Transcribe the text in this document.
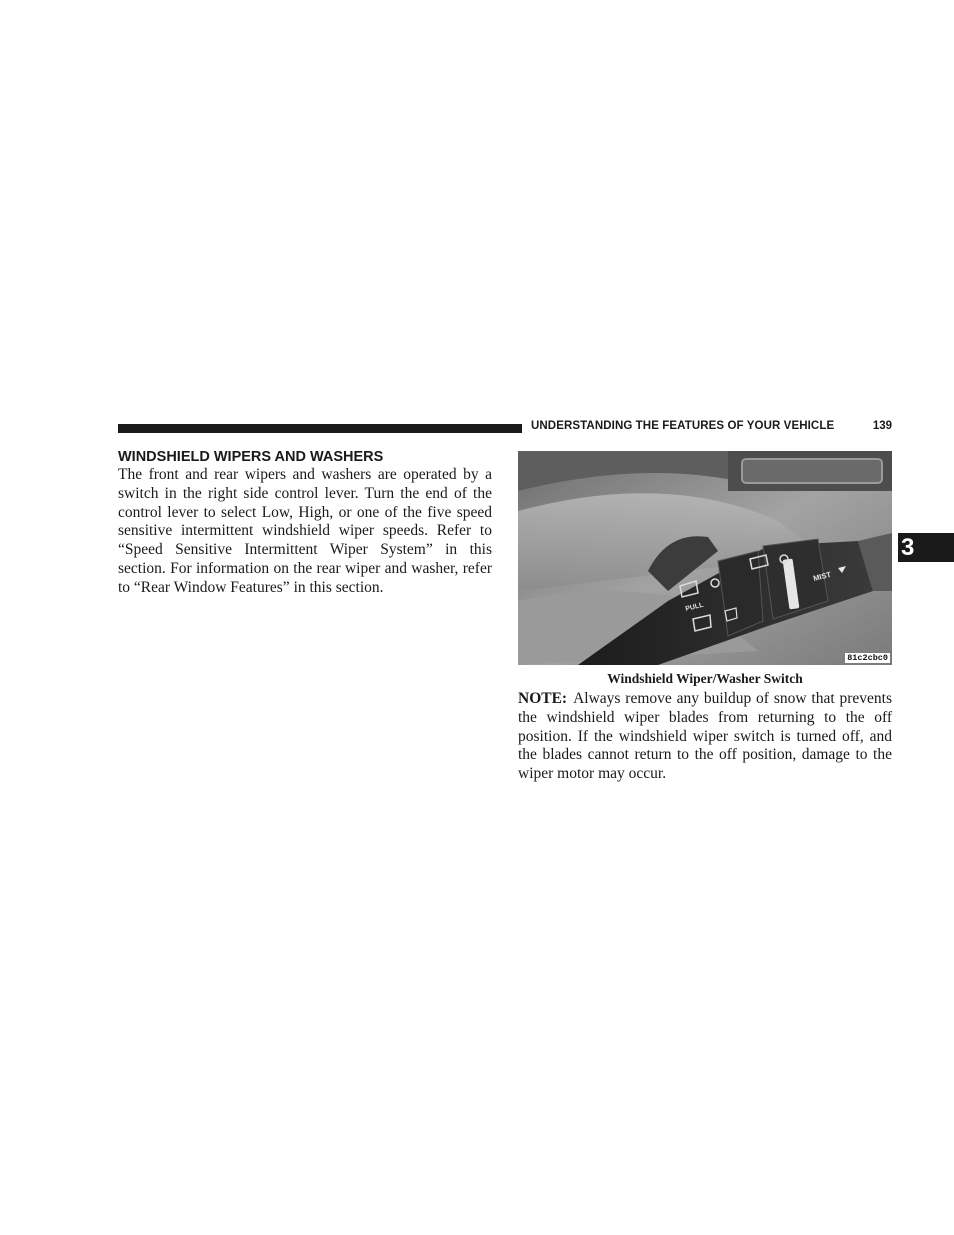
UNDERSTANDING THE FEATURES OF YOUR VEHICLE	139
WINDSHIELD WIPERS AND WASHERS

The front and rear wipers and washers are operated by a switch in the right side control lever. Turn the end of the control lever to select Low, High, or one of the five speed sensitive intermittent windshield wiper speeds. Refer to “Speed Sensitive Intermittent Wiper System” in this section. For information on the rear wiper and washer, refer to “Rear Window Features” in this section.

PULL
MIST
81c2cbc0
Windshield Wiper/Washer Switch

NOTE: Always remove any buildup of snow that prevents the windshield wiper blades from returning to the off position. If the windshield wiper switch is turned off, and the blades cannot return to the off position, damage to the wiper motor may occur.

3
